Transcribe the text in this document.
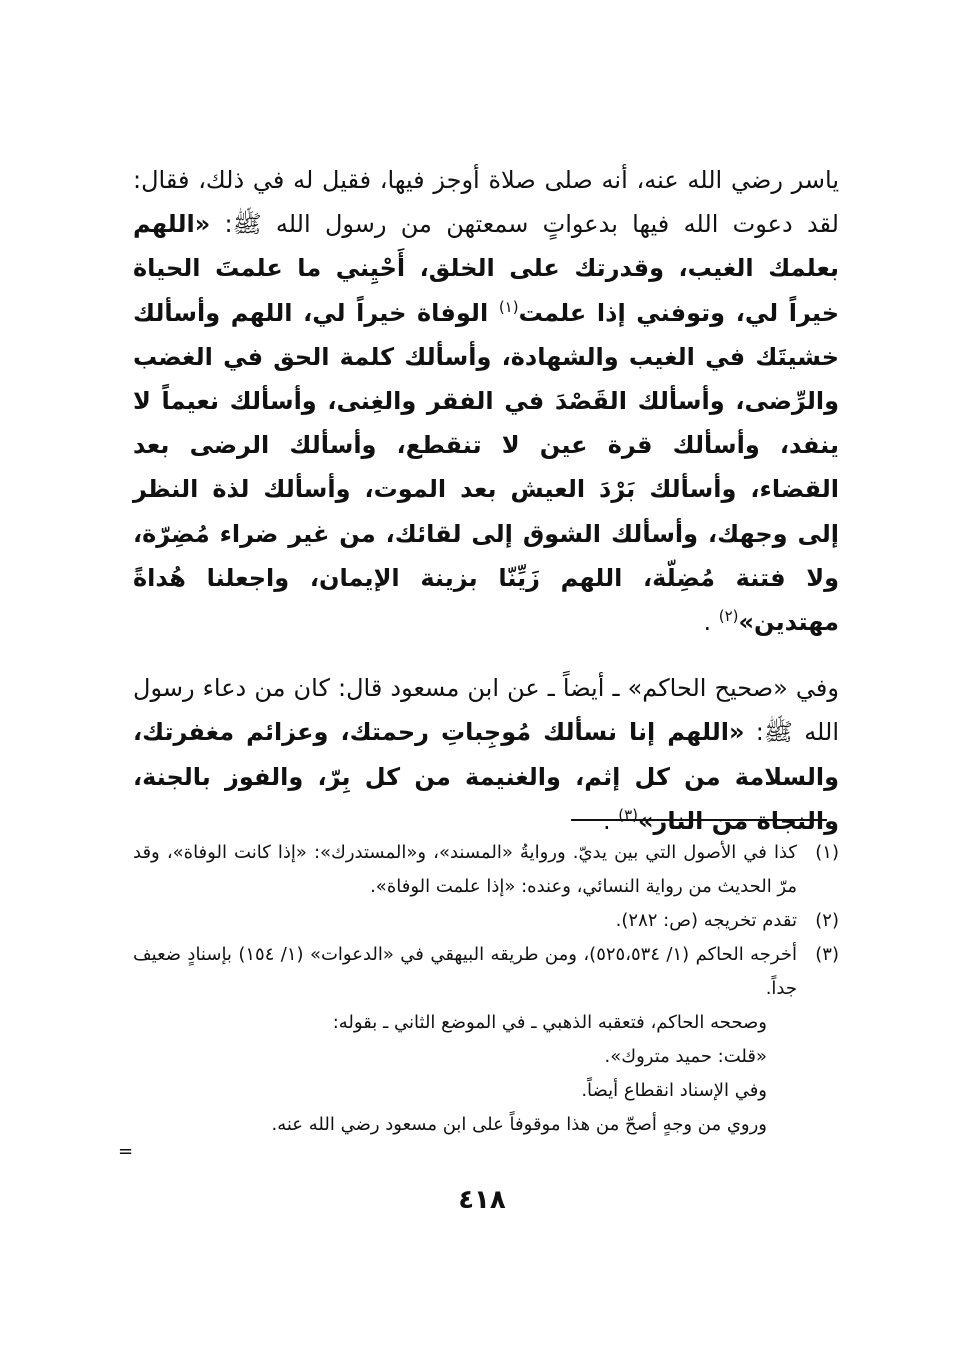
ياسر رضي الله عنه، أنه صلى صلاة أوجز فيها، فقيل له في ذلك، فقال: لقد دعوت الله فيها بدعواتٍ سمعتهن من رسول الله ﷺ: «اللهم بعلمك الغيب، وقدرتك على الخلق، أَحْيِني ما علمتَ الحياة خيراً لي، وتوفني إذا علمت$^{(١)}$ الوفاة خيراً لي، اللهم وأسألك خشيتَك في الغيب والشهادة، وأسألك كلمة الحق في الغضب والرِّضى، وأسألك القَصْدَ في الفقر والغِنى، وأسألك نعيماً لا ينفد، وأسألك قرة عين لا تنقطع، وأسألك الرضى بعد القضاء، وأسألك بَرْدَ العيش بعد الموت، وأسألك لذة النظر إلى وجهك، وأسألك الشوق إلى لقائك، من غير ضراء مُضِرّة، ولا فتنة مُضِلّة، اللهم زَيِّنّا بزينة الإيمان، واجعلنا هُداةً مهتدين»$^{(٢)}$ .

وفي «صحيح الحاكم» ـ أيضاً ـ عن ابن مسعود قال: كان من دعاء رسول الله ﷺ: «اللهم إنا نسألك مُوجِباتِ رحمتك، وعزائم مغفرتك، والسلامة من كل إثم، والغنيمة من كل بِرّ، والفوز بالجنة، والنجاة من النار»$^{(٣)}$ .

(١)
كذا في الأصول التي بين يديّ. وروايةُ «المسند»، و«المستدرك»: «إذا كانت الوفاة»، وقد مرّ الحديث من رواية النسائي، وعنده: «إذا علمت الوفاة».
(٢)
تقدم تخريجه (ص: ٢٨٢).
(٣)
أخرجه الحاكم (١/ ٥٢٥،٥٣٤)، ومن طريقه البيهقي في «الدعوات» (١/ ١٥٤) بإسنادٍ ضعيف جداً.
وصححه الحاكم، فتعقبه الذهبي ـ في الموضع الثاني ـ بقوله:
«قلت: حميد متروك».
وفي الإسناد انقطاع أيضاً.
وروي من وجهٍ أصحّ من هذا موقوفاً على ابن مسعود رضي الله عنه.
=
٤١٨
